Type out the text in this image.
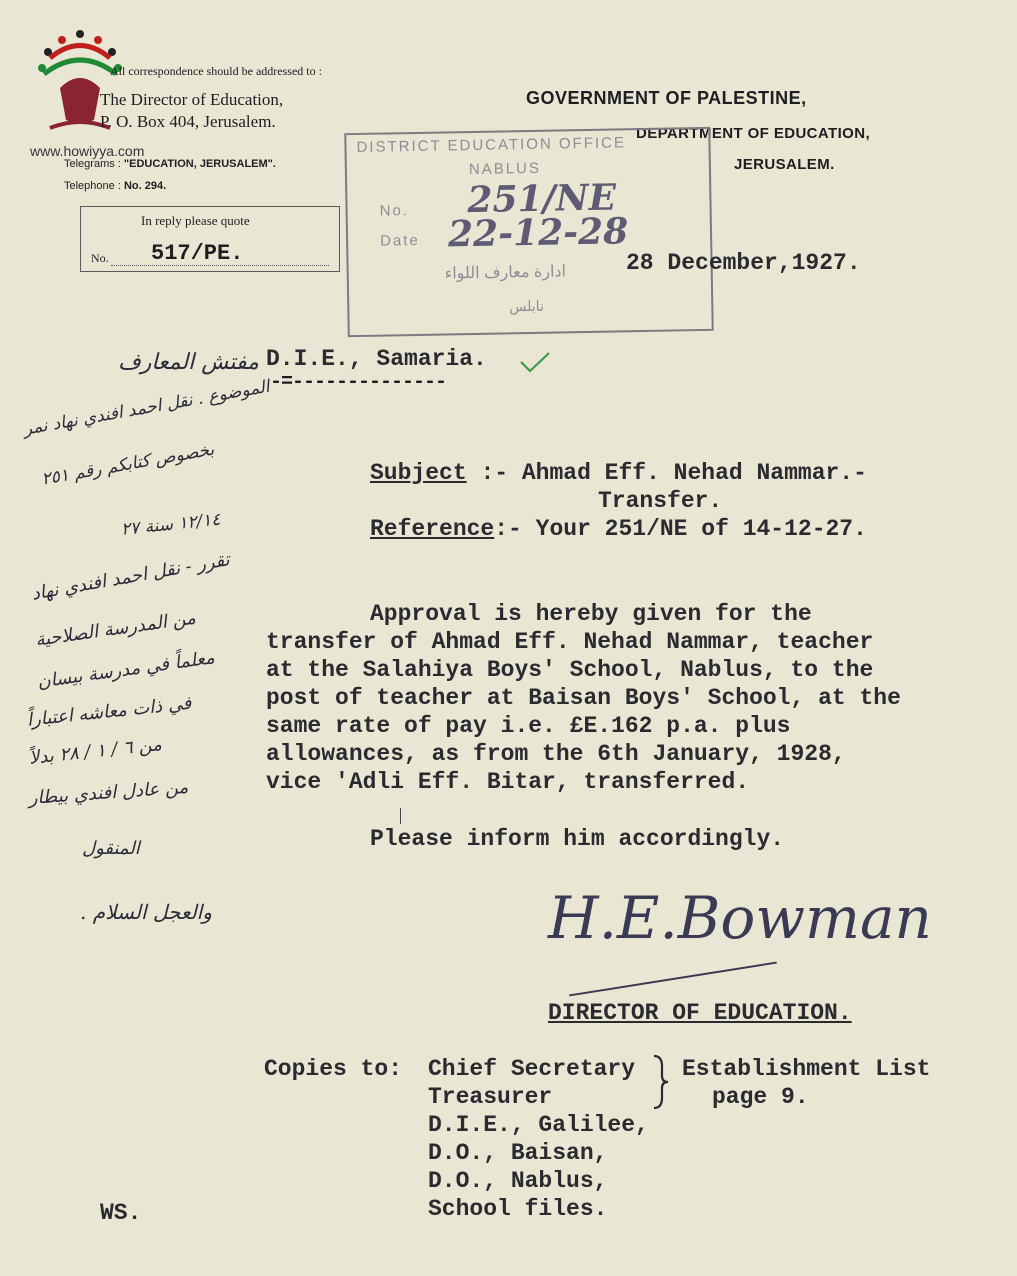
www.howiyya.com
All correspondence should be addressed to :
The Director of Education,
P. O. Box 404, Jerusalem.
Telegrams : "EDUCATION, JERUSALEM".
Telephone : No. 294.
GOVERNMENT OF PALESTINE,
DEPARTMENT OF EDUCATION,
JERUSALEM.
In reply please quote
No. 517/PE.
DISTRICT EDUCATION OFFICE
NABLUS
No. 251/NE
Date 22-12-28
ادارة معارف اللواء
نابلس
28 December,1927.
مفتش المعارف D.I.E., Samaria.
-=--------------
Subject :- Ahmad Eff. Nehad Nammar.-
Transfer.
Reference:- Your 251/NE of 14-12-27.
Approval is hereby given for the
transfer of Ahmad Eff. Nehad Nammar, teacher
at the Salahiya Boys' School, Nablus, to the
post of teacher at Baisan Boys' School, at the
same rate of pay i.e. £E.162 p.a. plus
allowances, as from the 6th January, 1928,
vice 'Adli Eff. Bitar, transferred.
Please inform him accordingly.
H.E.Bowman
DIRECTOR OF EDUCATION.
Copies to: Chief Secretary
Treasurer
D.I.E., Galilee,
D.O., Baisan,
D.O., Nablus,
School files.
Establishment List
page 9.
WS.
الموضوع . نقل احمد افندي نهاد نمر
بخصوص كتابكم رقم ٢٥١
١٢/١٤ سنة ٢٧
تقرر - نقل احمد افندي نهاد
من المدرسة الصلاحية
معلماً في مدرسة بيسان
في ذات معاشه اعتباراً
من ٦ / ١ / ٢٨ بدلاً
من عادل افندي بيطار
المنقول
والعجل السلام .
